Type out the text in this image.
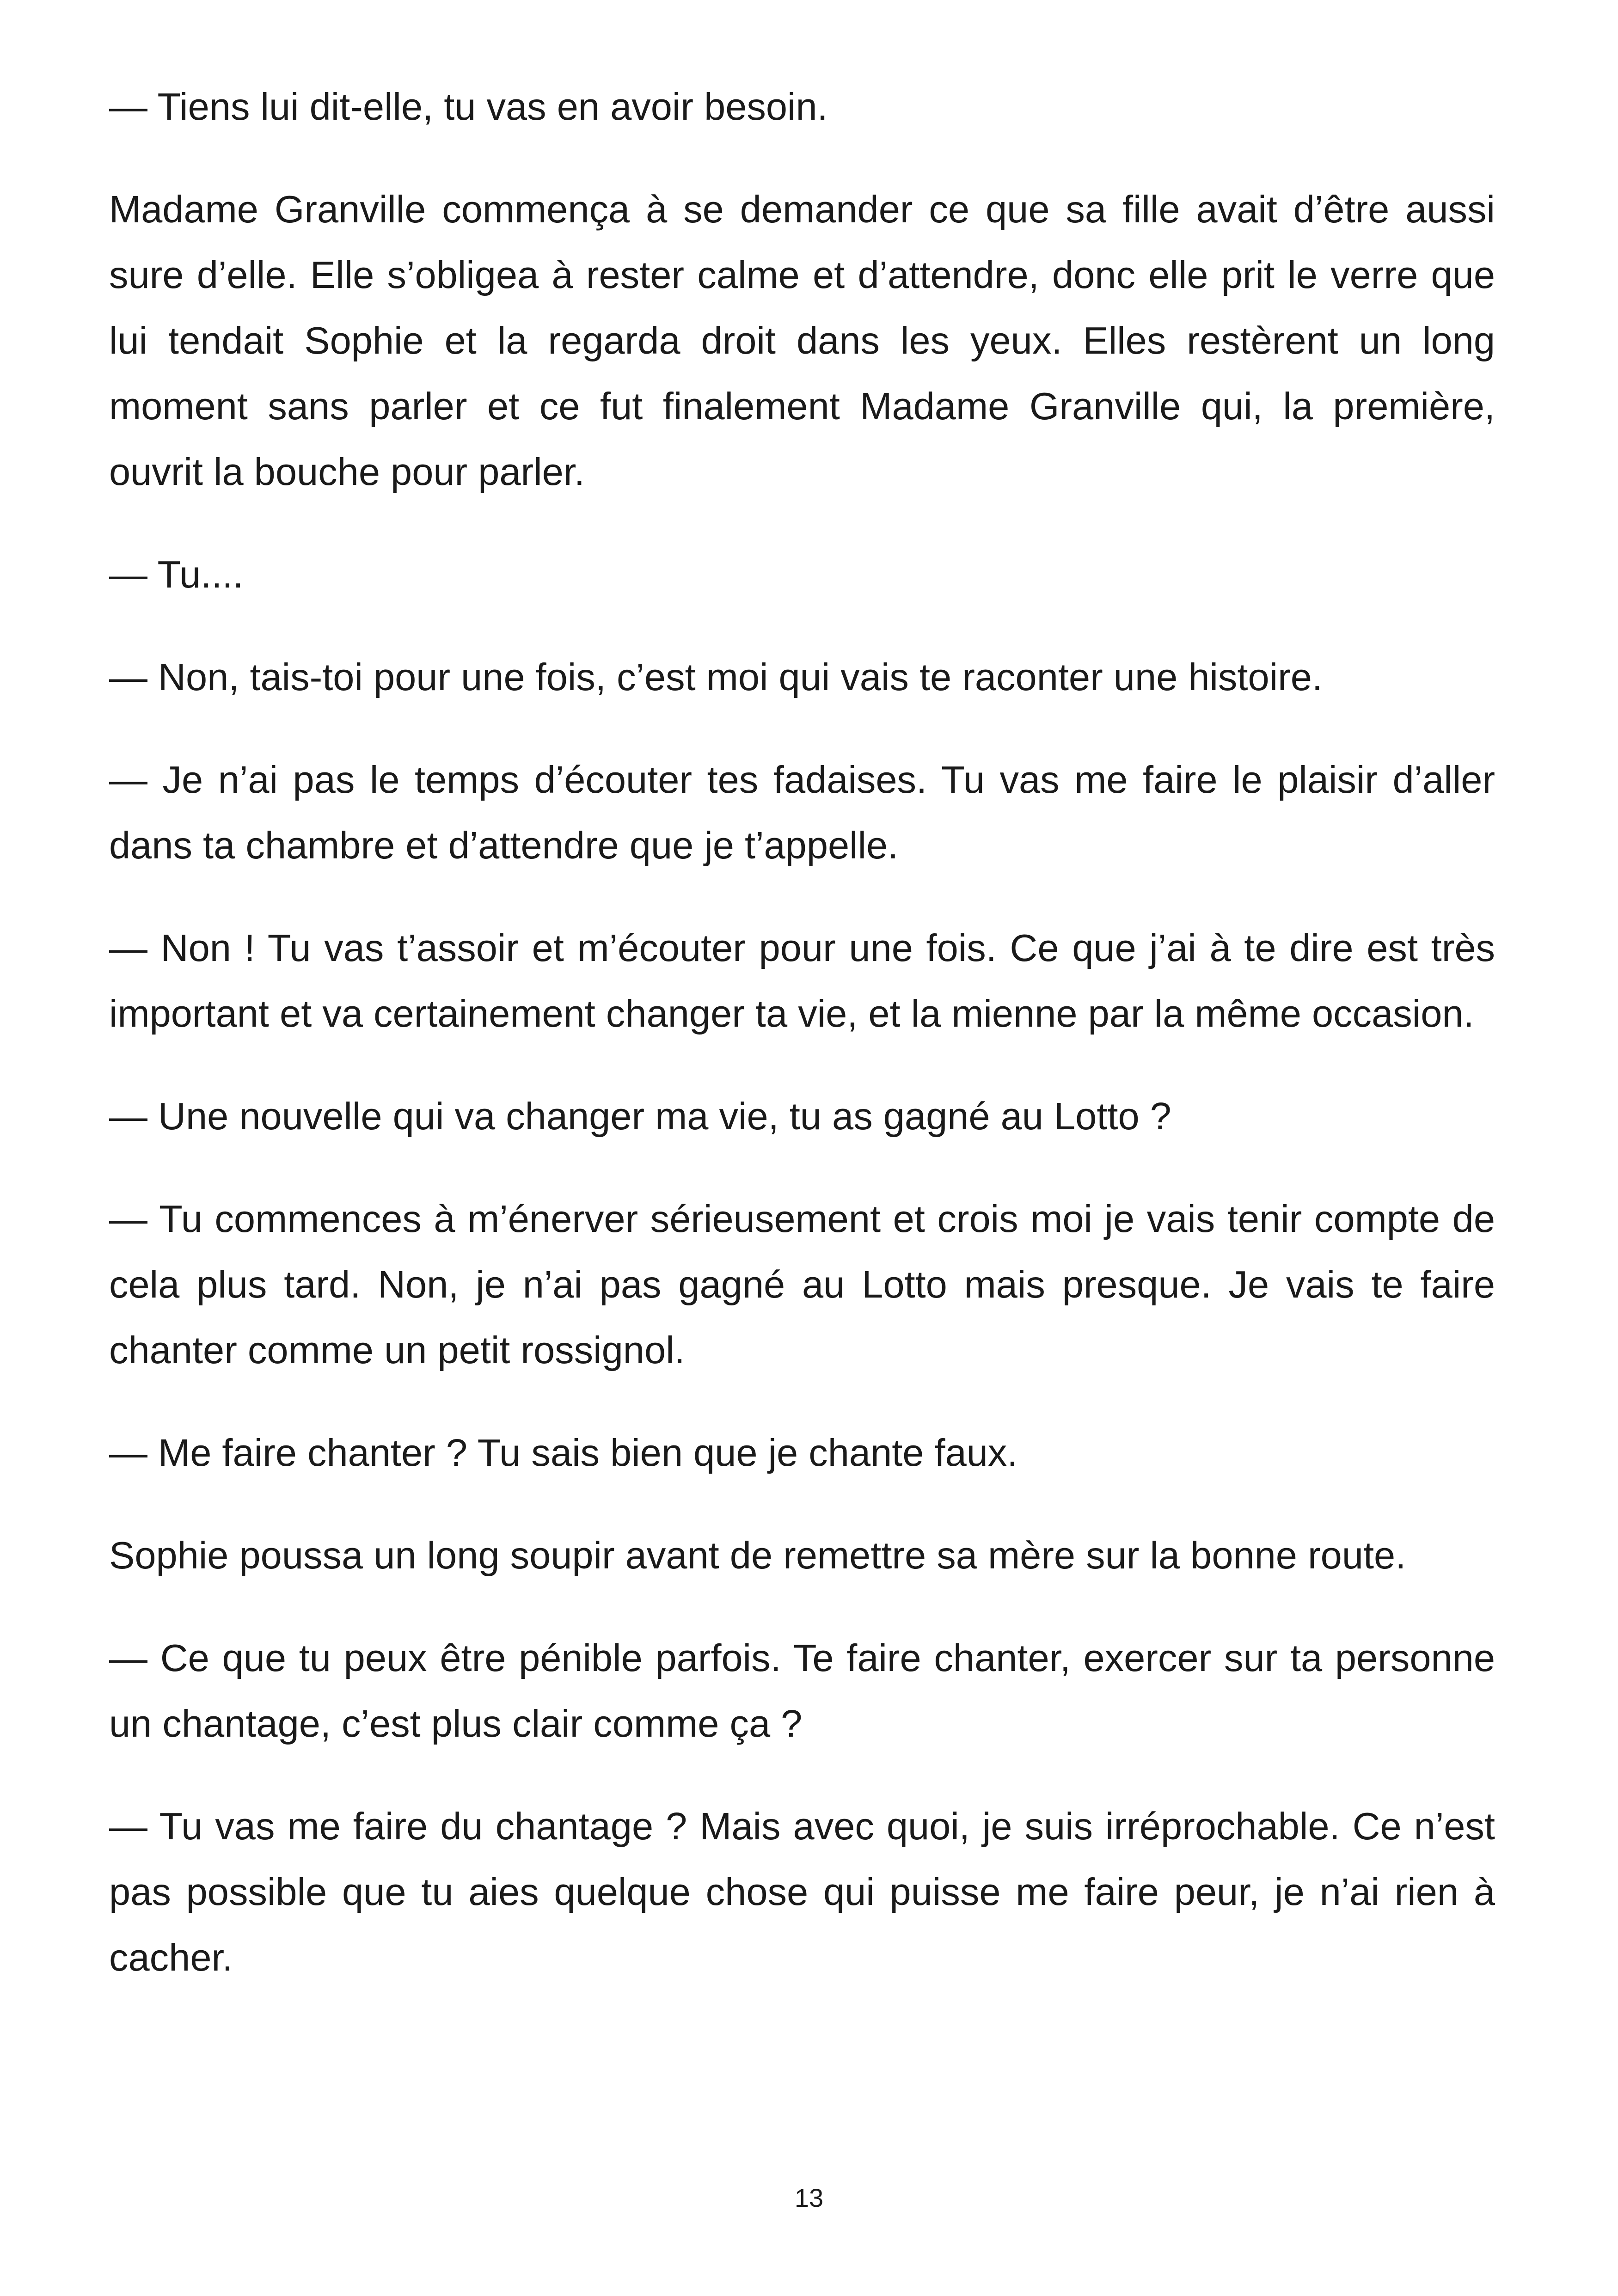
— Tiens lui dit-elle, tu vas en avoir besoin.

Madame Granville commença à se demander ce que sa fille avait d’être aussi sure d’elle. Elle s’obligea à rester calme et d’attendre, donc elle prit le verre que lui tendait Sophie et la regarda droit dans les yeux. Elles restèrent un long moment sans parler et ce fut finalement Madame Granville qui, la première, ouvrit la bouche pour parler.

— Tu....

— Non, tais-toi pour une fois, c’est moi qui vais te raconter une histoire.

— Je n’ai pas le temps d’écouter tes fadaises. Tu vas me faire le plaisir d’aller dans ta chambre et d’attendre que je t’appelle.

— Non ! Tu vas t’assoir et m’écouter pour une fois. Ce que j’ai à te dire est très important et va certainement changer ta vie, et la mienne par la même occasion.

— Une nouvelle qui va changer ma vie, tu as gagné au Lotto ?

— Tu commences à m’énerver sérieusement et crois moi je vais tenir compte de cela plus tard. Non, je n’ai pas gagné au Lotto mais presque. Je vais te faire chanter comme un petit rossignol.

— Me faire chanter ? Tu sais bien que je chante faux.

Sophie poussa un long soupir avant de remettre sa mère sur la bonne route.

— Ce que tu peux être pénible parfois. Te faire chanter, exercer sur ta personne un chantage, c’est plus clair comme ça ?

— Tu vas me faire du chantage ? Mais avec quoi, je suis irréprochable. Ce n’est pas possible que tu aies quelque chose qui puisse me faire peur, je n’ai rien à cacher.

13
